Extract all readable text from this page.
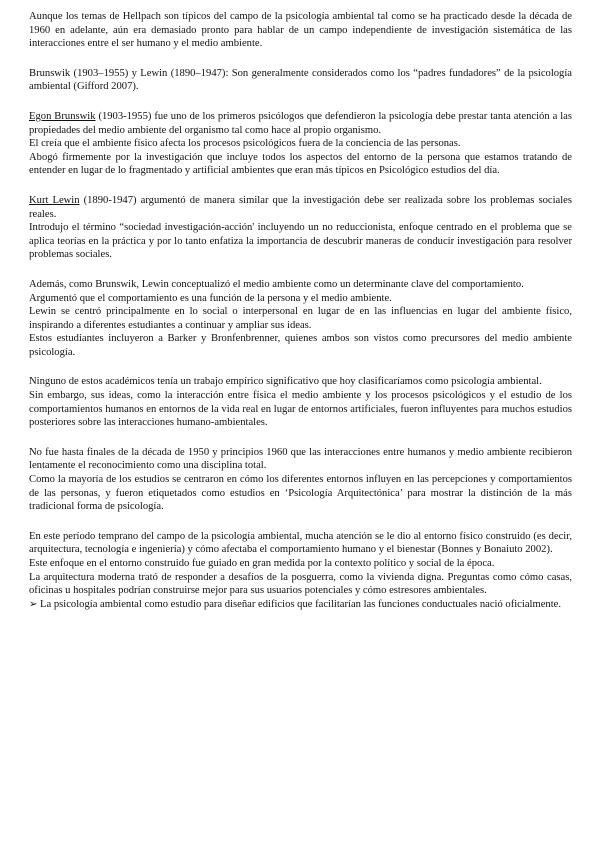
Aunque los temas de Hellpach son típicos del campo de la psicología ambiental tal como se ha practicado desde la década de 1960 en adelante, aún era demasiado pronto para hablar de un campo independiente de investigación sistemática de las interacciones entre el ser humano y el medio ambiente.

Brunswik (1903–1955) y Lewin (1890–1947): Son generalmente considerados como los “padres fundadores” de la psicología ambiental (Gifford 2007).

Egon Brunswik (1903-1955) fue uno de los primeros psicólogos que defendieron la psicología debe prestar tanta atención a las propiedades del medio ambiente del organismo tal como hace al propio organismo.

El creía que el ambiente físico afecta los procesos psicológicos fuera de la conciencia de las personas.

Abogó firmemente por la investigación que incluye todos los aspectos del entorno de la persona que estamos tratando de entender en lugar de lo fragmentado y artificial ambientes que eran más típicos en Psicológico estudios del día.

Kurt Lewin (1890-1947) argumentó de manera similar que la investigación debe ser realizada sobre los problemas sociales reales.

Introdujo el término “sociedad investigación-acción' incluyendo un no reduccionista, enfoque centrado en el problema que se aplica teorías en la práctica y por lo tanto enfatiza la importancia de descubrir maneras de conducir investigación para resolver problemas sociales.

Además, como Brunswik, Lewin conceptualizó el medio ambiente como un determinante clave del comportamiento.

Argumentó que el comportamiento es una función de la persona y el medio ambiente.

Lewin se centró principalmente en lo social o interpersonal en lugar de en las influencias en lugar del ambiente físico, inspirando a diferentes estudiantes a continuar y ampliar sus ideas.

Estos estudiantes incluyeron a Barker y Bronfenbrenner, quienes ambos son vistos como precursores del medio ambiente psicología.

Ninguno de estos académicos tenía un trabajo empírico significativo que hoy clasificaríamos como psicología ambiental.

Sin embargo, sus ideas, como la interacción entre física el medio ambiente y los procesos psicológicos y el estudio de los comportamientos humanos en entornos de la vida real en lugar de entornos artificiales, fueron influyentes para muchos estudios posteriores sobre las interacciones humano-ambientales.

No fue hasta finales de la década de 1950 y principios 1960 que las interacciones entre humanos y medio ambiente recibieron lentamente el reconocimiento como una disciplina total.

Como la mayoría de los estudios se centraron en cómo los diferentes entornos influyen en las percepciones y comportamientos de las personas, y fueron etiquetados como estudios en ‘Psicología Arquitectónica’ para mostrar la distinción de la más tradicional forma de psicología.

En este período temprano del campo de la psicología ambiental, mucha atención se le dio al entorno físico construido (es decir, arquitectura, tecnología e ingeniería) y cómo afectaba el comportamiento humano y el bienestar (Bonnes y Bonaiuto 2002).

Este enfoque en el entorno construido fue guiado en gran medida por la contexto político y social de la época.

La arquitectura moderna trató de responder a desafíos de la posguerra, como la vivienda digna. Preguntas como cómo casas, oficinas u hospitales podrían construirse mejor para sus usuarios potenciales y cómo estresores ambientales.

➢ La psicología ambiental como estudio para diseñar edificios que facilitarían las funciones conductuales nació oficialmente.
